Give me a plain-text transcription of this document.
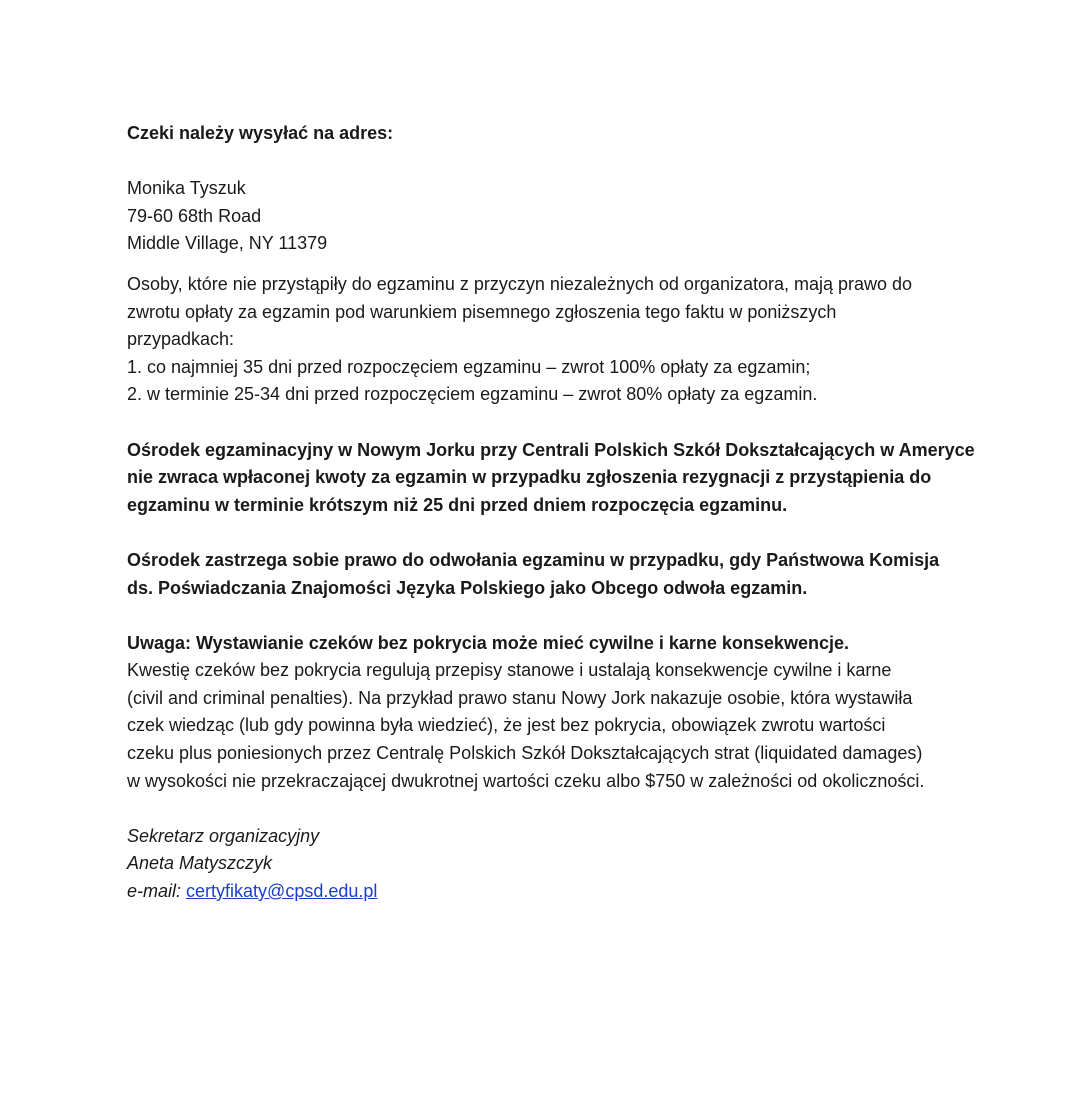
Czeki należy wysyłać na adres:

Monika Tyszuk

79-60 68th Road

Middle Village, NY 11379

Osoby, które nie przystąpiły do egzaminu z przyczyn niezależnych od organizatora, mają prawo do

zwrotu opłaty za egzamin pod warunkiem pisemnego zgłoszenia tego faktu w poniższych

przypadkach:

1. co najmniej 35 dni przed rozpoczęciem egzaminu – zwrot 100% opłaty za egzamin;

2. w terminie 25-34 dni przed rozpoczęciem egzaminu – zwrot 80% opłaty za egzamin.

Ośrodek egzaminacyjny w Nowym Jorku przy Centrali Polskich Szkół Dokształcających w Ameryce

nie zwraca wpłaconej kwoty za egzamin w przypadku zgłoszenia rezygnacji z przystąpienia do

egzaminu w terminie krótszym niż 25 dni przed dniem rozpoczęcia egzaminu.

Ośrodek zastrzega sobie prawo do odwołania egzaminu w przypadku, gdy Państwowa Komisja

ds. Poświadczania Znajomości Języka Polskiego jako Obcego odwoła egzamin.

Uwaga: Wystawianie czeków bez pokrycia może mieć cywilne i karne konsekwencje.

Kwestię czeków bez pokrycia regulują przepisy stanowe i ustalają konsekwencje cywilne i karne

(civil and criminal penalties). Na przykład prawo stanu Nowy Jork nakazuje osobie, która wystawiła

czek wiedząc (lub gdy powinna była wiedzieć), że jest bez pokrycia, obowiązek zwrotu wartości

czeku plus poniesionych przez Centralę Polskich Szkół Dokształcających strat (liquidated damages)

w wysokości nie przekraczającej dwukrotnej wartości czeku albo $750 w zależności od okoliczności.

Sekretarz organizacyjny

Aneta Matyszczyk

e-mail: certyfikaty@cpsd.edu.pl
